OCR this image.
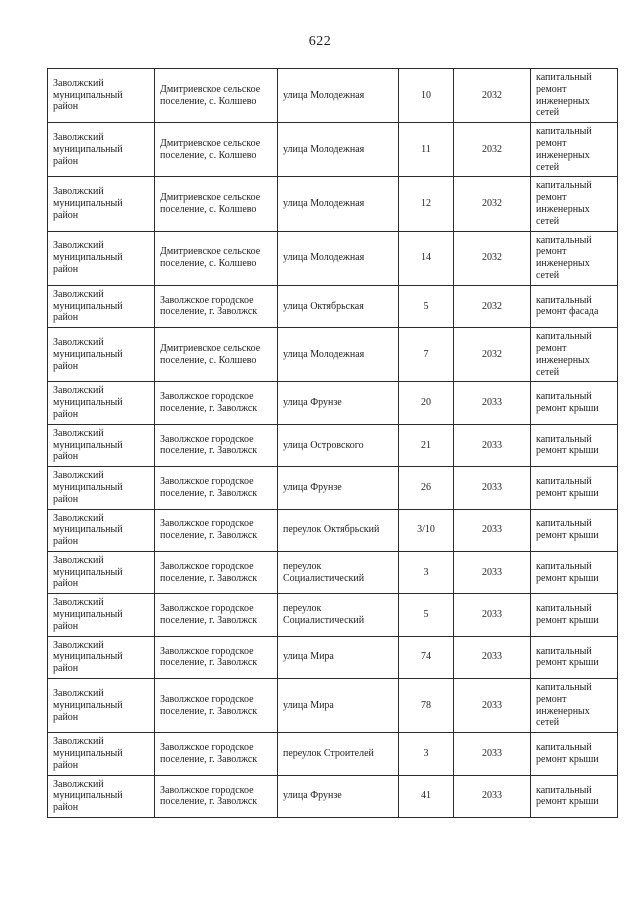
622
Заволжский муниципальный район	Дмитриевское сельское поселение, с. Колшево	улица Молодежная	10	2032	капитальный ремонт инженерных сетей
Заволжский муниципальный район	Дмитриевское сельское поселение, с. Колшево	улица Молодежная	11	2032	капитальный ремонт инженерных сетей
Заволжский муниципальный район	Дмитриевское сельское поселение, с. Колшево	улица Молодежная	12	2032	капитальный ремонт инженерных сетей
Заволжский муниципальный район	Дмитриевское сельское поселение, с. Колшево	улица Молодежная	14	2032	капитальный ремонт инженерных сетей
Заволжский муниципальный район	Заволжское городское поселение, г. Заволжск	улица Октябрьская	5	2032	капитальный ремонт фасада
Заволжский муниципальный район	Дмитриевское сельское поселение, с. Колшево	улица Молодежная	7	2032	капитальный ремонт инженерных сетей
Заволжский муниципальный район	Заволжское городское поселение, г. Заволжск	улица Фрунзе	20	2033	капитальный ремонт крыши
Заволжский муниципальный район	Заволжское городское поселение, г. Заволжск	улица Островского	21	2033	капитальный ремонт крыши
Заволжский муниципальный район	Заволжское городское поселение, г. Заволжск	улица Фрунзе	26	2033	капитальный ремонт крыши
Заволжский муниципальный район	Заволжское городское поселение, г. Заволжск	переулок Октябрьский	3/10	2033	капитальный ремонт крыши
Заволжский муниципальный район	Заволжское городское поселение, г. Заволжск	переулок Социалистический	3	2033	капитальный ремонт крыши
Заволжский муниципальный район	Заволжское городское поселение, г. Заволжск	переулок Социалистический	5	2033	капитальный ремонт крыши
Заволжский муниципальный район	Заволжское городское поселение, г. Заволжск	улица Мира	74	2033	капитальный ремонт крыши
Заволжский муниципальный район	Заволжское городское поселение, г. Заволжск	улица Мира	78	2033	капитальный ремонт инженерных сетей
Заволжский муниципальный район	Заволжское городское поселение, г. Заволжск	переулок Строителей	3	2033	капитальный ремонт крыши
Заволжский муниципальный район	Заволжское городское поселение, г. Заволжск	улица Фрунзе	41	2033	капитальный ремонт крыши
